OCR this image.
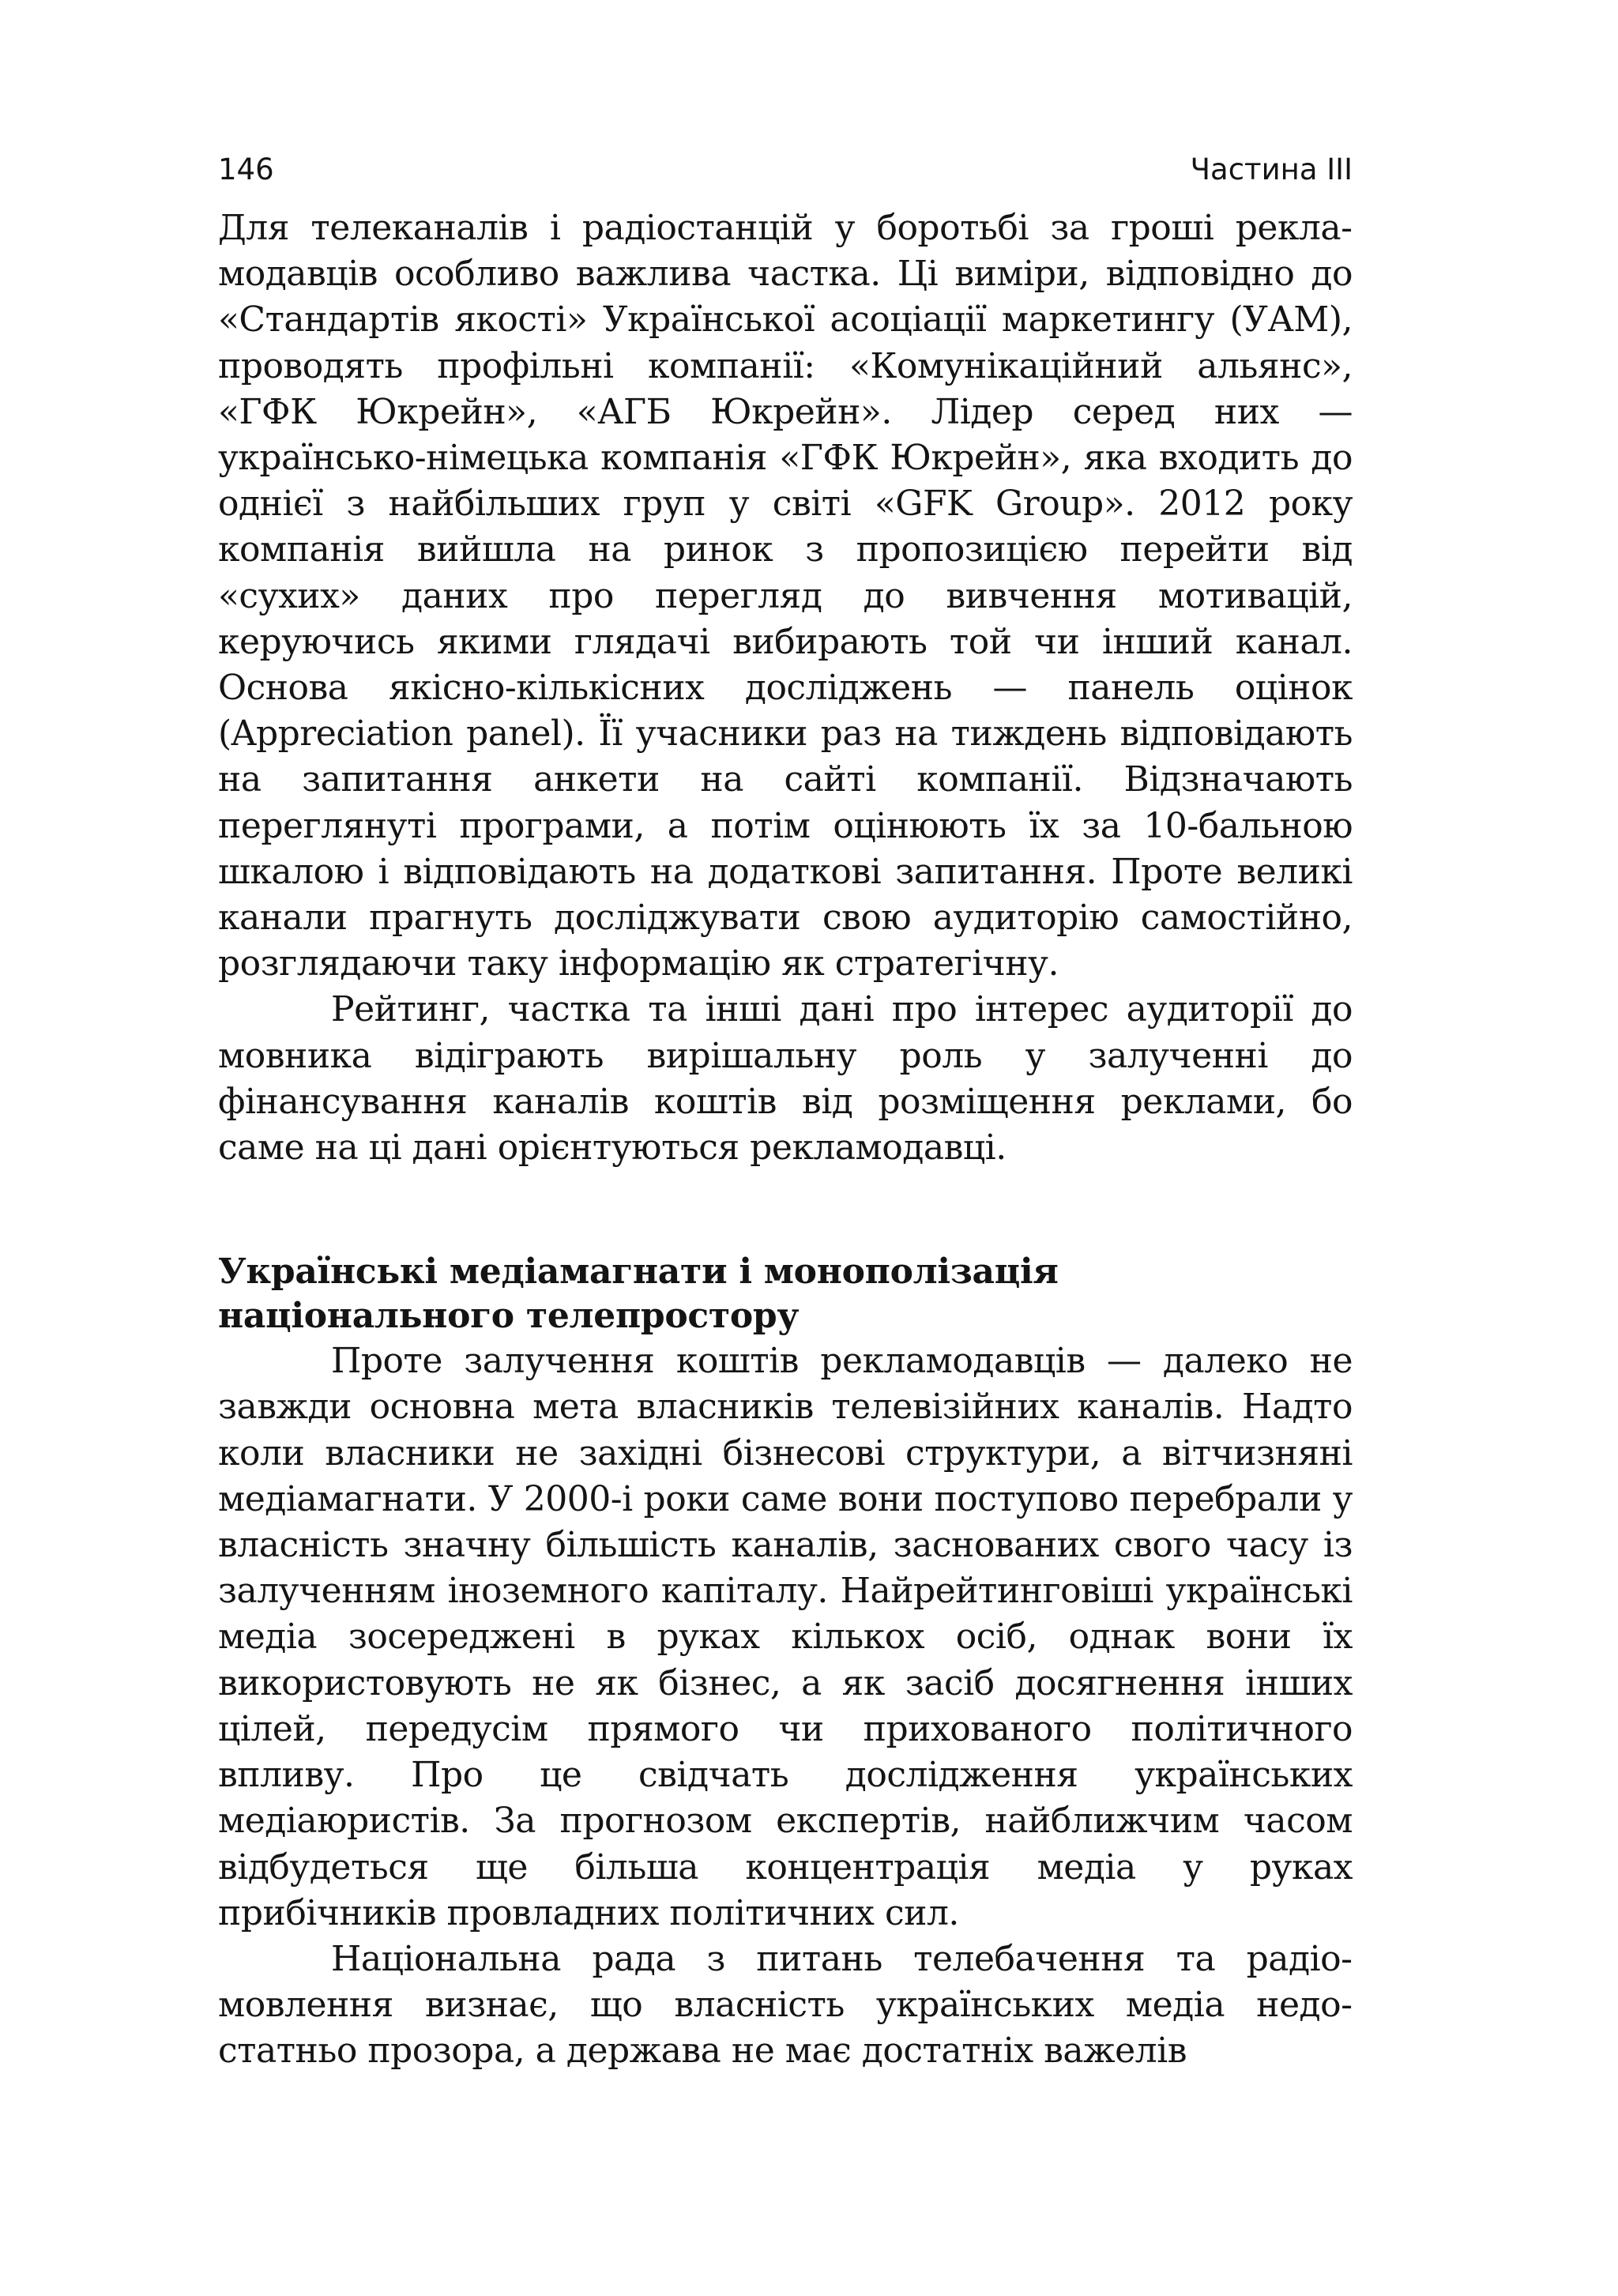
146	Частина ІІІ

Для телеканалів і радіостанцій у боротьбі за гроші рекламодавців особливо важлива частка. Ці виміри, відповідно до «Стандартів якості» Української асоціації маркетингу (УАМ), проводять профільні компанії: «Комунікаційний альянс», «ГФК Юкрейн», «АГБ Юкрейн». Лідер серед них — українсько-німецька компанія «ГФК Юкрейн», яка входить до однієї з найбільших груп у світі «GFK Group». 2012 року компанія вийшла на ринок з пропозицією перейти від «сухих» даних про перегляд до вивчення мотивацій, керуючись якими глядачі вибирають той чи інший канал. Основа якісно-кількісних досліджень — панель оцінок (Appreciation panel). Її учасники раз на тиждень відповідають на запитання анкети на сайті компанії. Відзначають переглянуті програми, а потім оцінюють їх за 10-бальною шкалою і відповідають на додаткові запитання. Проте великі канали прагнуть досліджувати свою аудиторію самостійно, розглядаючи таку інформацію як стратегічну.

Рейтинг, частка та інші дані про інтерес аудиторії до мовника відіграють вирішальну роль у залученні до фінансування каналів коштів від розміщення реклами, бо саме на ці дані орієнтуються рекламодавці.

Українські медіамагнати і монополізація національного телепростору

Проте залучення коштів рекламодавців — далеко не завжди основна мета власників телевізійних каналів. Надто коли власники не західні бізнесові структури, а вітчизняні медіамагнати. У 2000-і роки саме вони поступово перебрали у власність значну більшість каналів, заснованих свого часу із залученням іноземного капіталу. Найрейтинговіші українські медіа зосереджені в руках кількох осіб, однак вони їх використовують не як бізнес, а як засіб досягнення інших цілей, передусім прямого чи прихованого політичного впливу. Про це свідчать дослідження українських медіаюристів. За прогнозом експертів, найближчим часом відбудеться ще більша концентрація медіа у руках прибічників провладних політичних сил.

Національна рада з питань телебачення та радіомовлення визнає, що власність українських медіа недостатньо прозора, а держава не має достатніх важелів
